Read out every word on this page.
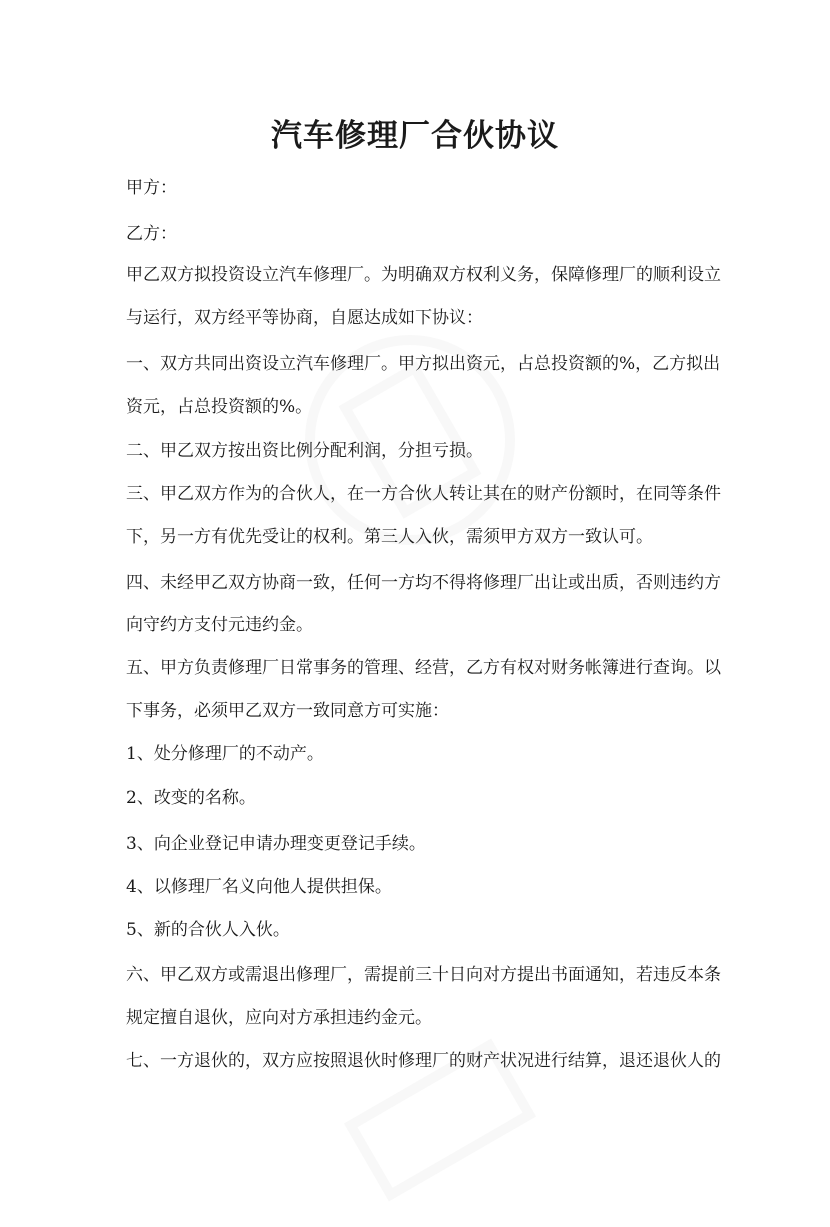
汽车修理厂合伙协议

甲方：

乙方：

甲乙双方拟投资设立汽车修理厂。为明确双方权利义务，保障修理厂的顺利设立

与运行，双方经平等协商，自愿达成如下协议：

一、双方共同出资设立汽车修理厂。甲方拟出资元，占总投资额的%，乙方拟出

资元，占总投资额的%。

二、甲乙双方按出资比例分配利润，分担亏损。

三、甲乙双方作为的合伙人，在一方合伙人转让其在的财产份额时，在同等条件

下，另一方有优先受让的权利。第三人入伙，需须甲方双方一致认可。

四、未经甲乙双方协商一致，任何一方均不得将修理厂出让或出质，否则违约方

向守约方支付元违约金。

五、甲方负责修理厂日常事务的管理、经营，乙方有权对财务帐簿进行查询。以

下事务，必须甲乙双方一致同意方可实施：

1、处分修理厂的不动产。

2、改变的名称。

3、向企业登记申请办理变更登记手续。

4、以修理厂名义向他人提供担保。

5、新的合伙人入伙。

六、甲乙双方或需退出修理厂，需提前三十日向对方提出书面通知，若违反本条

规定擅自退伙，应向对方承担违约金元。

七、一方退伙的，双方应按照退伙时修理厂的财产状况进行结算，退还退伙人的
